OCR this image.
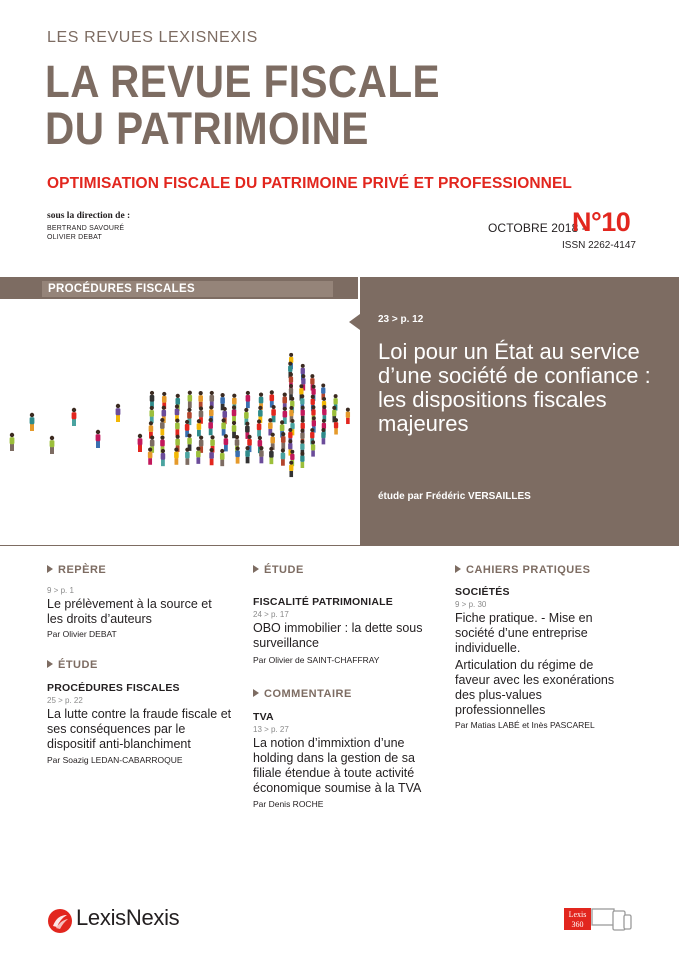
LES REVUES LEXISNEXIS
LA REVUE FISCALE
DU PATRIMOINE
OPTIMISATION FISCALE DU PATRIMOINE PRIVÉ ET PROFESSIONNEL
sous la direction de :
BERTRAND SAVOURÉ
OLIVIER DEBAT
OCTOBRE 2018 -
N°10
ISSN 2262-4147
PROCÉDURES FISCALES
23 > p. 12
Loi pour un État au service d’une société de confiance : les dispositions fiscales majeures
étude par Frédéric VERSAILLES
REPÈRE
9 > p. 1
Le prélèvement à la source et les droits d’auteurs
Par Olivier DEBAT
ÉTUDE
PROCÉDURES FISCALES
25 > p. 22
La lutte contre la fraude fiscale et ses conséquences par le dispositif anti-blanchiment
Par Soazig LEDAN-CABARROQUE
ÉTUDE
FISCALITÉ PATRIMONIALE
24 > p. 17
OBO immobilier : la dette sous surveillance
Par Olivier de SAINT-CHAFFRAY
COMMENTAIRE
TVA
13 > p. 27
La notion d’immixtion d’une holding dans la gestion de sa filiale étendue à toute activité économique soumise à la TVA
Par Denis ROCHE
CAHIERS PRATIQUES
SOCIÉTÉS
9 > p. 30
Fiche pratique. - Mise en société d’une entreprise individuelle.
Articulation du régime de faveur avec les exonérations des plus-values professionnelles
Par Matias LABÉ et Inès PASCAREL
LexisNexis	Lexis 360
